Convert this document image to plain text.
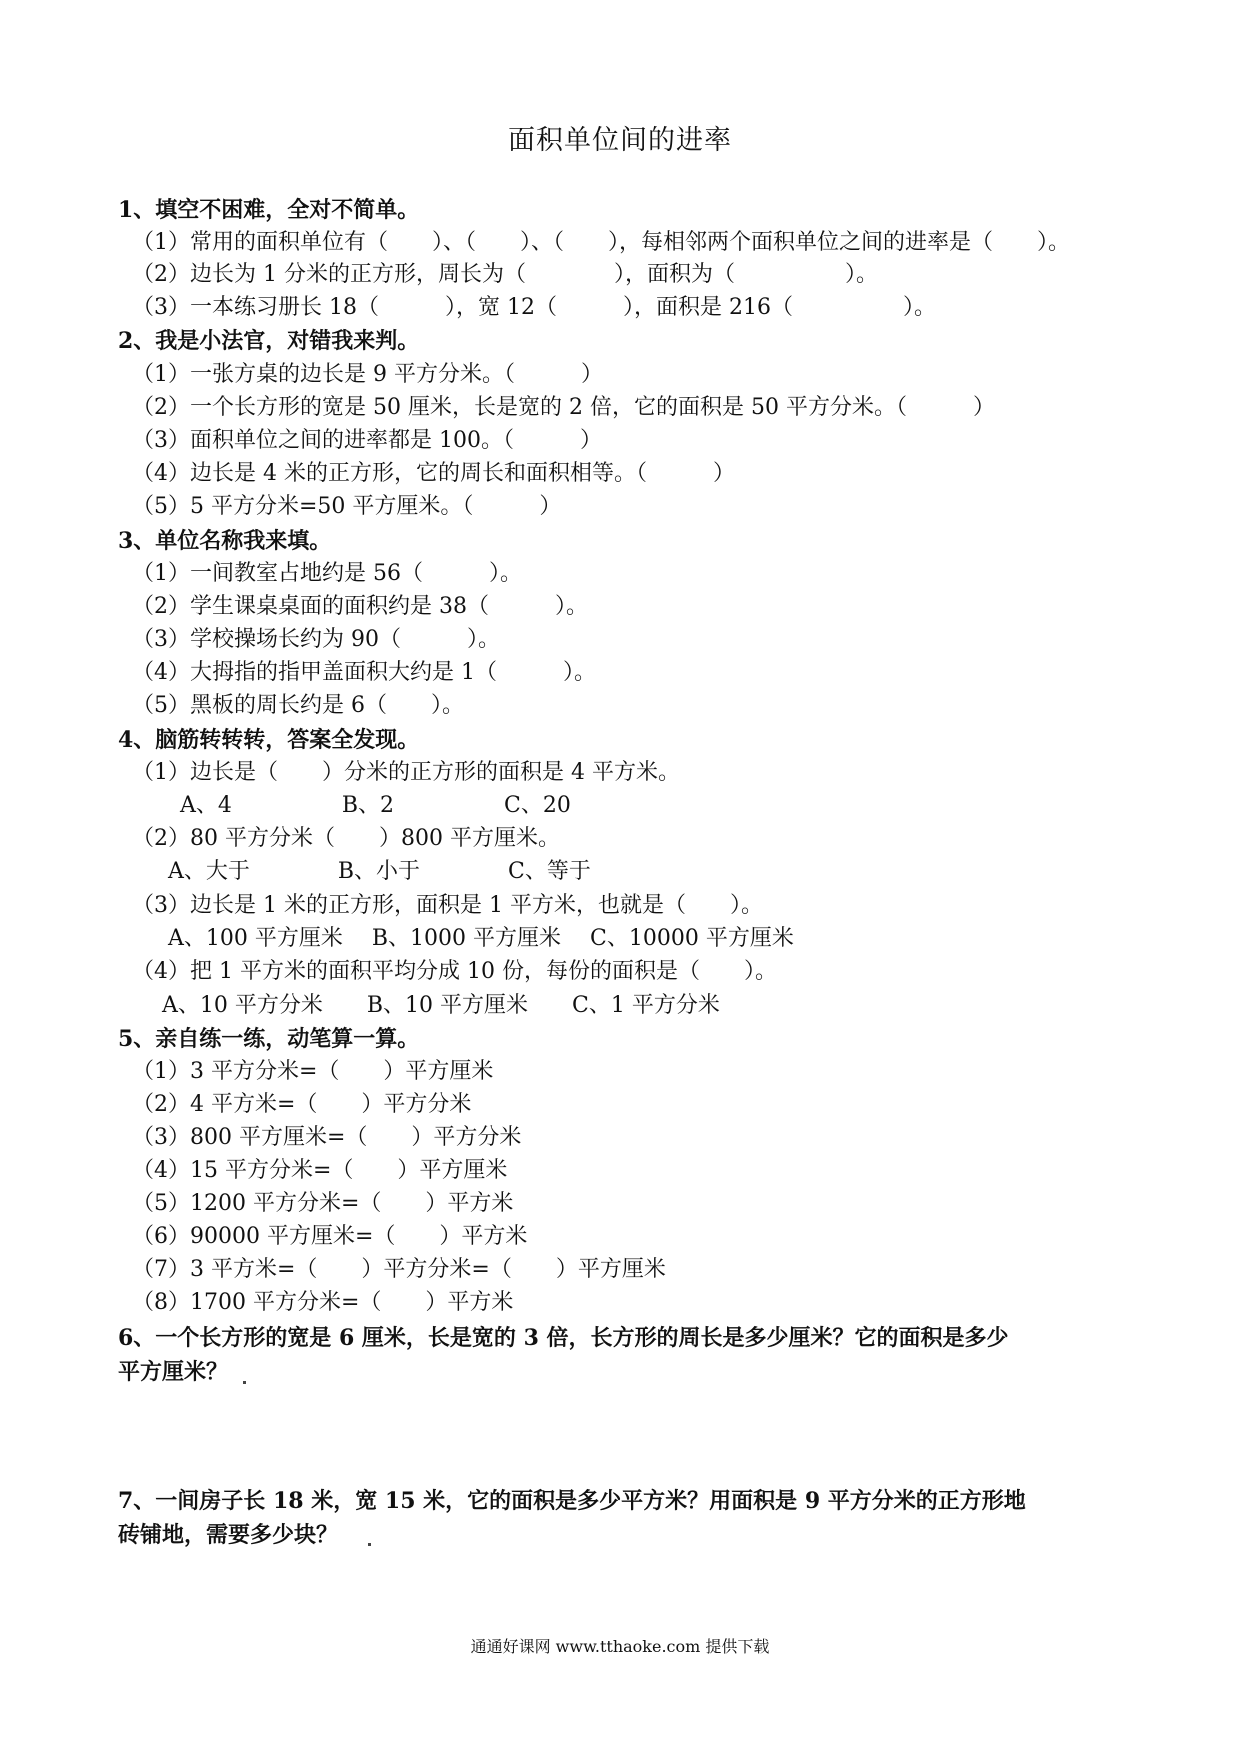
面积单位间的进率
1、填空不困难，全对不简单。
（1）常用的面积单位有（　　）、（　　）、（　　），每相邻两个面积单位之间的进率是（　　）。
（2）边长为 1 分米的正方形，周长为（　　　　），面积为（　　　　　）。
（3）一本练习册长 18（　　　），宽 12（　　　），面积是 216（　　　　　）。
2、我是小法官，对错我来判。
（1）一张方桌的边长是 9 平方分米。（　　　）
（2）一个长方形的宽是 50 厘米，长是宽的 2 倍，它的面积是 50 平方分米。（　　　）
（3）面积单位之间的进率都是 100。（　　　）
（4）边长是 4 米的正方形，它的周长和面积相等。（　　　）
（5）5 平方分米=50 平方厘米。（　　　）
3、单位名称我来填。
（1）一间教室占地约是 56（　　　）。
（2）学生课桌桌面的面积约是 38（　　　）。
（3）学校操场长约为 90（　　　）。
（4）大拇指的指甲盖面积大约是 1（　　　）。
（5）黑板的周长约是 6（　　）。
4、脑筋转转转，答案全发现。
（1）边长是（　　）分米的正方形的面积是 4 平方米。
A、4　　　　　B、2　　　　　C、20
（2）80 平方分米（　　）800 平方厘米。
A、大于　　　　B、小于　　　　C、等于
（3）边长是 1 米的正方形，面积是 1 平方米，也就是（　　）。
A、100 平方厘米　 B、1000 平方厘米　 C、10000 平方厘米
（4）把 1 平方米的面积平均分成 10 份，每份的面积是（　　）。
A、10 平方分米　　B、10 平方厘米　　C、1 平方分米
5、亲自练一练，动笔算一算。
（1）3 平方分米=（　　）平方厘米
（2）4 平方米=（　　）平方分米
（3）800 平方厘米=（　　）平方分米
（4）15 平方分米=（　　）平方厘米
（5）1200 平方分米=（　　）平方米
（6）90000 平方厘米=（　　）平方米
（7）3 平方米=（　　）平方分米=（　　）平方厘米
（8）1700 平方分米=（　　）平方米
6、一个长方形的宽是 6 厘米，长是宽的 3 倍，长方形的周长是多少厘米？它的面积是多少
平方厘米？
7、一间房子长 18 米，宽 15 米，它的面积是多少平方米？用面积是 9 平方分米的正方形地
砖铺地，需要多少块？
通通好课网 www.tthaoke.com 提供下载
